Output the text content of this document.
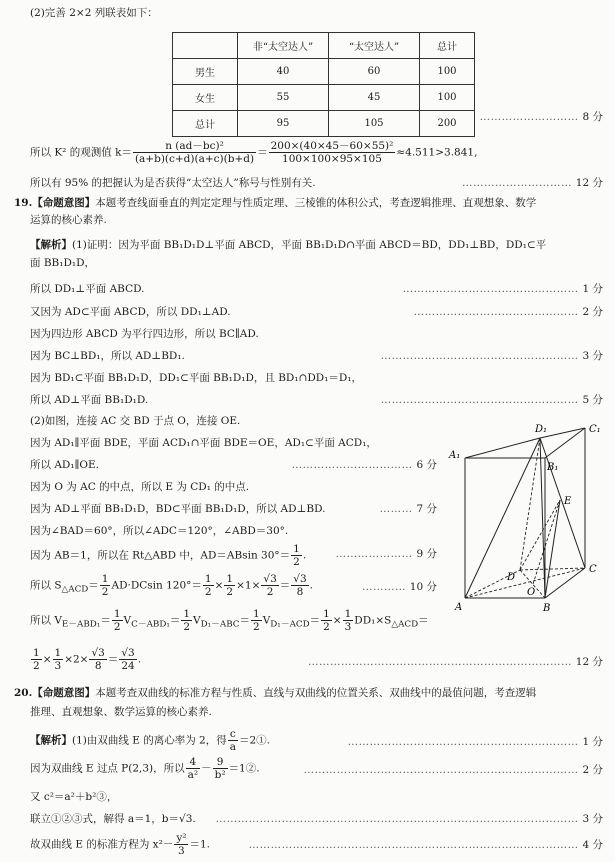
(2)完善 2×2 列联表如下：
	非“太空达人”	“太空达人”	总计
男生	40	60	100
女生	55	45	100
总计	95	105	200
……………………… 8 分
所以 K² 的观测值 $k= \frac{\text{n (ad－bc)²}}{(a+b)(c+d)(a+c)(b+d)} = \frac{\text{200×(40×45－60×55)²}}{100\times 100\times 95\times 105} \approx 4.511>3.841$,
所以有 95% 的把握认为是否获得“太空达人”称号与性别有关.	………………………… 12 分
19.【命题意图】本题考查线面垂直的判定定理与性质定理、三棱锥的体积公式，考查逻辑推理、直观想象、数学
运算的核心素养.
【解析】(1)证明：因为平面 BB₁D₁D⊥平面 ABCD，平面 BB₁D₁D∩平面 ABCD＝BD，DD₁⊥BD，DD₁⊂平
面 BB₁D₁D，
所以 DD₁⊥平面 ABCD.	………………………………………… 1 分
又因为 AD⊂平面 ABCD，所以 DD₁⊥AD.	……………………………………… 2 分
因为四边形 ABCD 为平行四边形，所以 BC∥AD.
因为 BC⊥BD₁，所以 AD⊥BD₁.	……………………………………………… 3 分
因为 BD₁⊂平面 BB₁D₁D，DD₁⊂平面 BB₁D₁D，且 BD₁∩DD₁＝D₁，
所以 AD⊥平面 BB₁D₁D.	……………………………………………… 5 分
(2)如图，连接 AC 交 BD 于点 O，连接 OE.
因为 AD₁∥平面 BDE，平面 ACD₁∩平面 BDE＝OE，AD₁⊂平面 ACD₁，
所以 AD₁∥OE.	…………………………… 6 分
因为 O 为 AC 的中点，所以 E 为 CD₁ 的中点.
因为 AD⊥平面 BB₁D₁D，BD⊂平面 BB₁D₁D，所以 AD⊥BD.	……… 7 分
因为∠BAD＝60°，所以∠ADC＝120°，∠ABD＝30°.
因为 AB＝1，所以在 Rt△ABD 中，AD＝ABsin $30^\circ= \frac{1}{2}$ .	………………… 9 分
所以 $S_{\triangle ACD}= \frac{1}{2} AD\cdot DCsin$ $120^\circ= \frac{1}{2} \times \frac{1}{2} \times 1\times \frac{√3}{2} = \frac{√3}{8}$ .	………… 10 分
所以 $V_{E-ABD_1}= \frac{1}{2} V_{C-ABD_1}= \frac{1}{2} V_{D_1-ABC}= \frac{1}{2} V_{D_1-ACD}= \frac{1}{2} \times \frac{1}{3} DD_1\times S_{\triangle ACD}=$
$\frac{1}{2} \times \frac{1}{3} \times 2\times \frac{√3}{8} = \frac{√3}{24}$ .	……………………………………………………………… 12 分
D₁	C₁
A₁
B₁
E
D
O
C
A	B
20.【命题意图】本题考查双曲线的标准方程与性质、直线与双曲线的位置关系、双曲线中的最值问题，考查逻辑
推理、直观想象、数学运算的核心素养.
【解析】(1)由双曲线 E 的离心率为 2，得 $\frac{c}{a}$ ＝2①.	……………………………………………………… 1 分
因为双曲线 E 过点 P(2,3)，所以 $\frac{4}{\text{a²}} - \frac{9}{\text{b²}}$ ＝1②.	………………………………………………………………… 2 分
又 c²＝a²＋b²③，
联立①②③式，解得 a＝1，b＝√3. ……………………………………………………………………………………… 3 分
故双曲线 E 的标准方程为 $x^2- \frac{\text{y²}}{3} =1$.	……………………………………………………………………………… 4 分
